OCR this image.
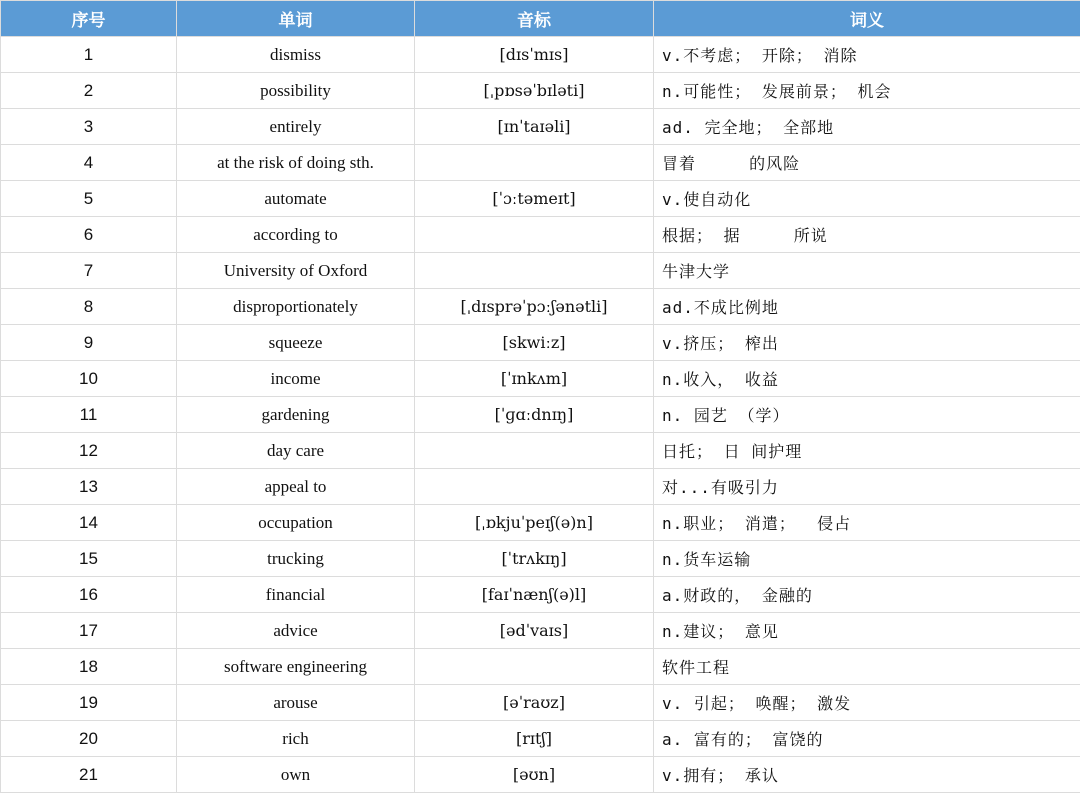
序号	单词	音标	词义
1	dismiss	[dɪsˈmɪs]	v.不考虑； 开除； 消除
2	possibility	[ˌpɒsəˈbɪləti]	n.可能性； 发展前景； 机会
3	entirely	[ɪnˈtaɪəli]	ad. 完全地； 全部地
4	at the risk of doing sth.		冒着     的风险
5	automate	[ˈɔːtəmeɪt]	v.使自动化
6	according to		根据； 据     所说
7	University of Oxford		牛津大学
8	disproportionately	[ˌdɪsprəˈpɔːʃənətli]	ad.不成比例地
9	squeeze	[skwiːz]	v.挤压； 榨出
10	income	[ˈɪnkʌm]	n.收入， 收益
11	gardening	[ˈɡɑːdnɪŋ]	n. 园艺 （学）
12	day care		日托； 日 间护理
13	appeal to		对...有吸引力
14	occupation	[ˌɒkjuˈpeɪʃ(ə)n]	n.职业； 消遣；  侵占
15	trucking	[ˈtrʌkɪŋ]	n.货车运输
16	financial	[faɪˈnænʃ(ə)l]	a.财政的， 金融的
17	advice	[ədˈvaɪs]	n.建议； 意见
18	software engineering		软件工程
19	arouse	[əˈraʊz]	v. 引起； 唤醒； 激发
20	rich	[rɪtʃ]	a. 富有的； 富饶的
21	own	[əʊn]	v.拥有； 承认
